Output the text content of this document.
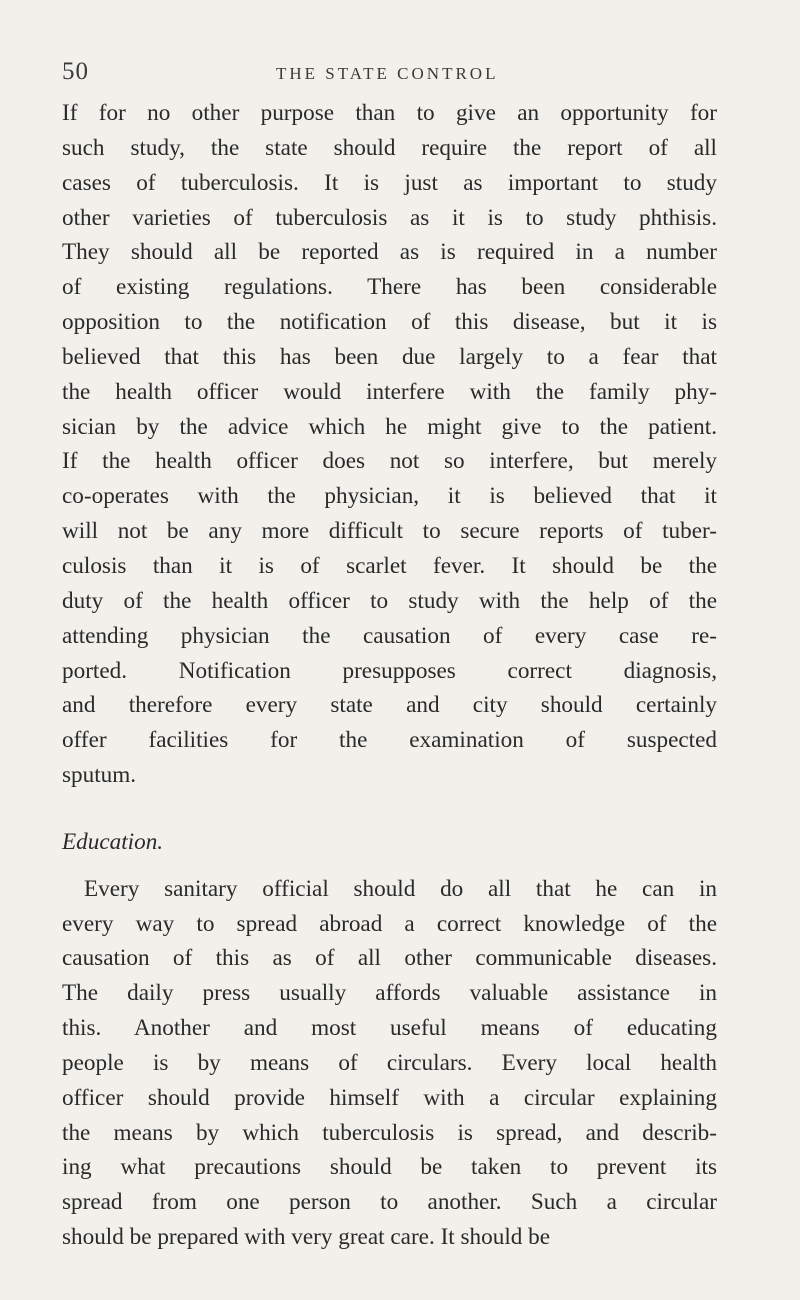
50	THE STATE CONTROL
If for no other purpose than to give an opportunity for
such study, the state should require the report of all
cases of tuberculosis. It is just as important to study
other varieties of tuberculosis as it is to study phthisis.
They should all be reported as is required in a number
of existing regulations. There has been considerable
opposition to the notification of this disease, but it is
believed that this has been due largely to a fear that
the health officer would interfere with the family phy-
sician by the advice which he might give to the patient.
If the health officer does not so interfere, but merely
co-operates with the physician, it is believed that it
will not be any more difficult to secure reports of tuber-
culosis than it is of scarlet fever. It should be the
duty of the health officer to study with the help of the
attending physician the causation of every case re-
ported. Notification presupposes correct diagnosis,
and therefore every state and city should certainly
offer facilities for the examination of suspected
sputum.
Education.
Every sanitary official should do all that he can in
every way to spread abroad a correct knowledge of the
causation of this as of all other communicable diseases.
The daily press usually affords valuable assistance in
this. Another and most useful means of educating
people is by means of circulars. Every local health
officer should provide himself with a circular explaining
the means by which tuberculosis is spread, and describ-
ing what precautions should be taken to prevent its
spread from one person to another. Such a circular
should be prepared with very great care. It should be
